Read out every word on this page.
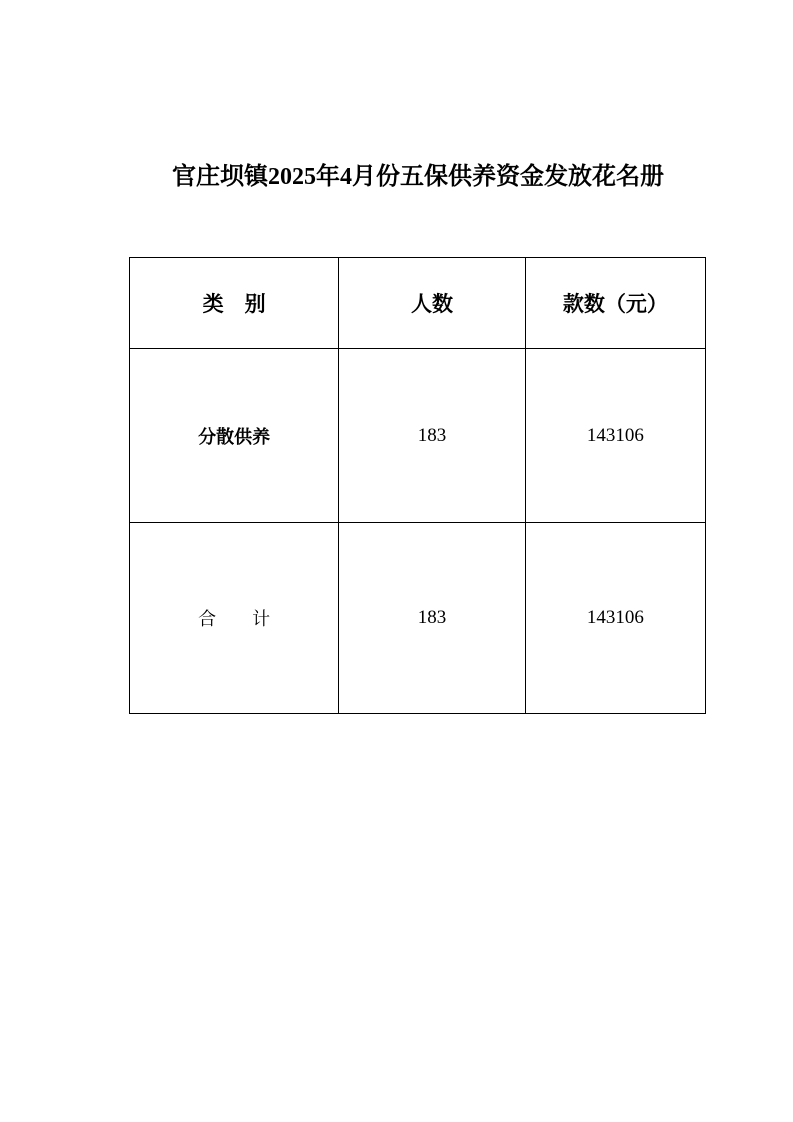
官庄坝镇2025年4月份五保供养资金发放花名册
类　别	人数	款数（元）
分散供养	183	143106
合　　计	183	143106
